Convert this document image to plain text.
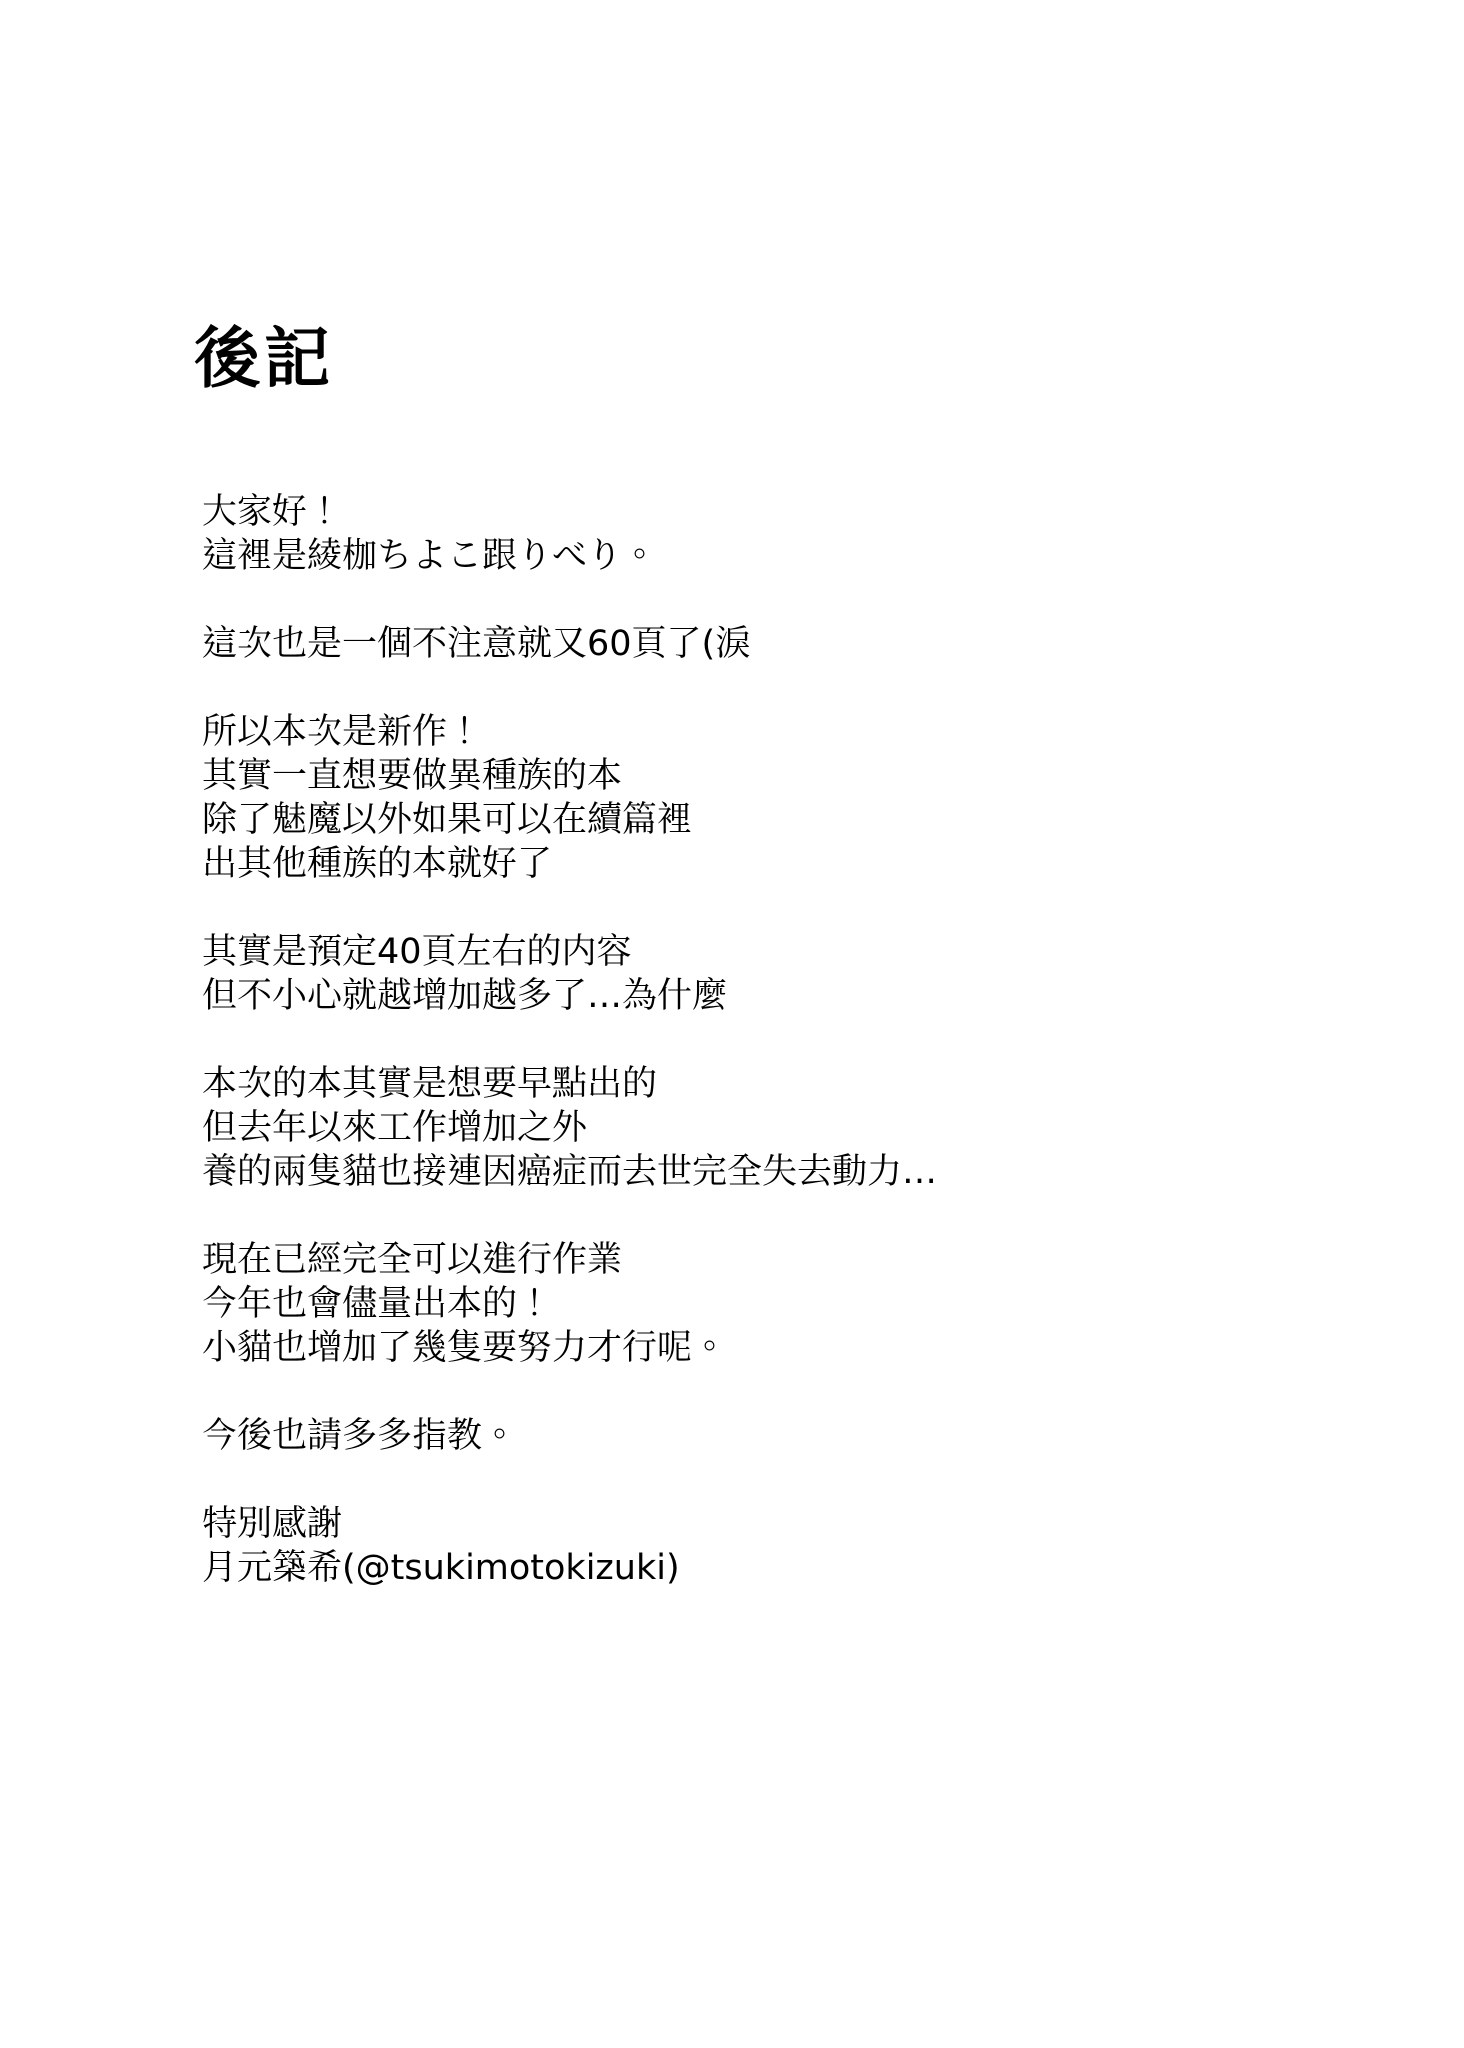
後記

大家好！
這裡是綾枷ちよこ跟りべり。

這次也是一個不注意就又60頁了(淚

所以本次是新作！
其實一直想要做異種族的本
除了魅魔以外如果可以在續篇裡
出其他種族的本就好了

其實是預定40頁左右的内容
但不小心就越增加越多了…為什麼

本次的本其實是想要早點出的
但去年以來工作增加之外
養的兩隻貓也接連因癌症而去世完全失去動力…

現在已經完全可以進行作業
今年也會儘量出本的！
小貓也增加了幾隻要努力才行呢。

今後也請多多指教。

特別感謝
月元築希(@tsukimotokizuki)
